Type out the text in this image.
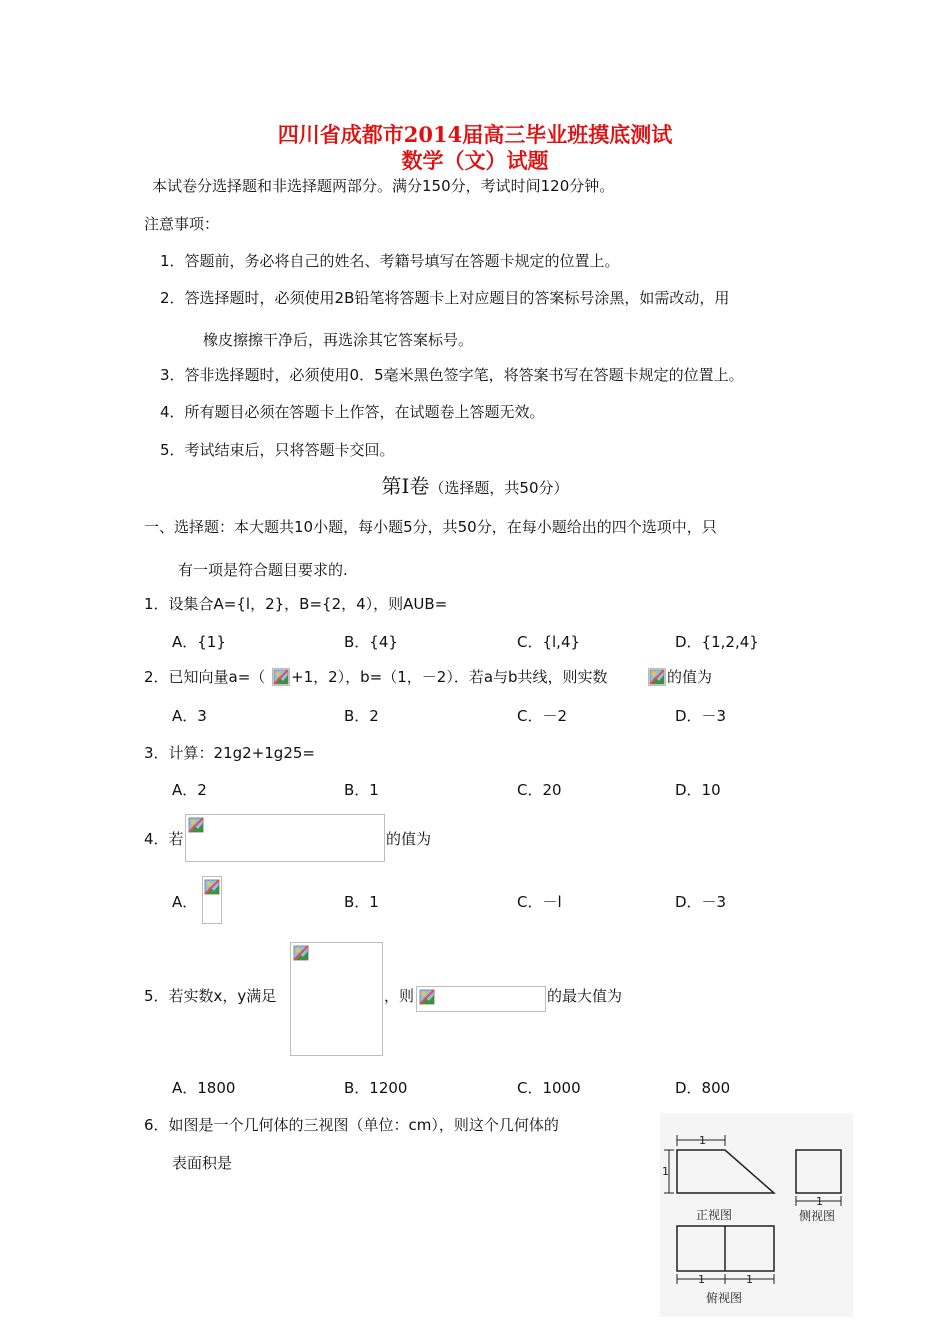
四川省成都市2014届高三毕业班摸底测试
数学（文）试题
本试卷分选择题和非选择题两部分。满分150分，考试时间120分钟。
注意事项：
1．答题前，务必将自己的姓名、考籍号填写在答题卡规定的位置上。
2．答选择题时，必须使用2B铅笔将答题卡上对应题目的答案标号涂黑，如需改动，用
橡皮擦擦干净后，再选涂其它答案标号。
3．答非选择题时，必须使用0．5毫米黑色签字笔，将答案书写在答题卡规定的位置上。
4．所有题目必须在答题卡上作答，在试题卷上答题无效。
5．考试结束后，只将答题卡交回。
第Ⅰ卷（选择题，共50分）
一、选择题：本大题共10小题，每小题5分，共50分，在每小题给出的四个选项中，只
有一项是符合题目要求的.
1．设集合A={l，2}，B={2，4），则AUB=
A．{1}	B．{4}	C．{l,4}	D．{1,2,4}
2．已知向量a=（ +1，2），b=（1，－2）．若a与b共线，则实数	的值为
A．3	B．2	C．－2	D．－3
3．计算：21g2+1g25=
A．2	B．1	C．20	D．10
4．若	的值为
A．	B．1	C．－l	D．－3
5．若实数x，y满足	，则	的最大值为
A．1800	B．1200	C．1000	D．800
6．如图是一个几何体的三视图（单位：cm），则这个几何体的
表面积是
1
1
正视图
1
侧视图
1	1
俯视图
